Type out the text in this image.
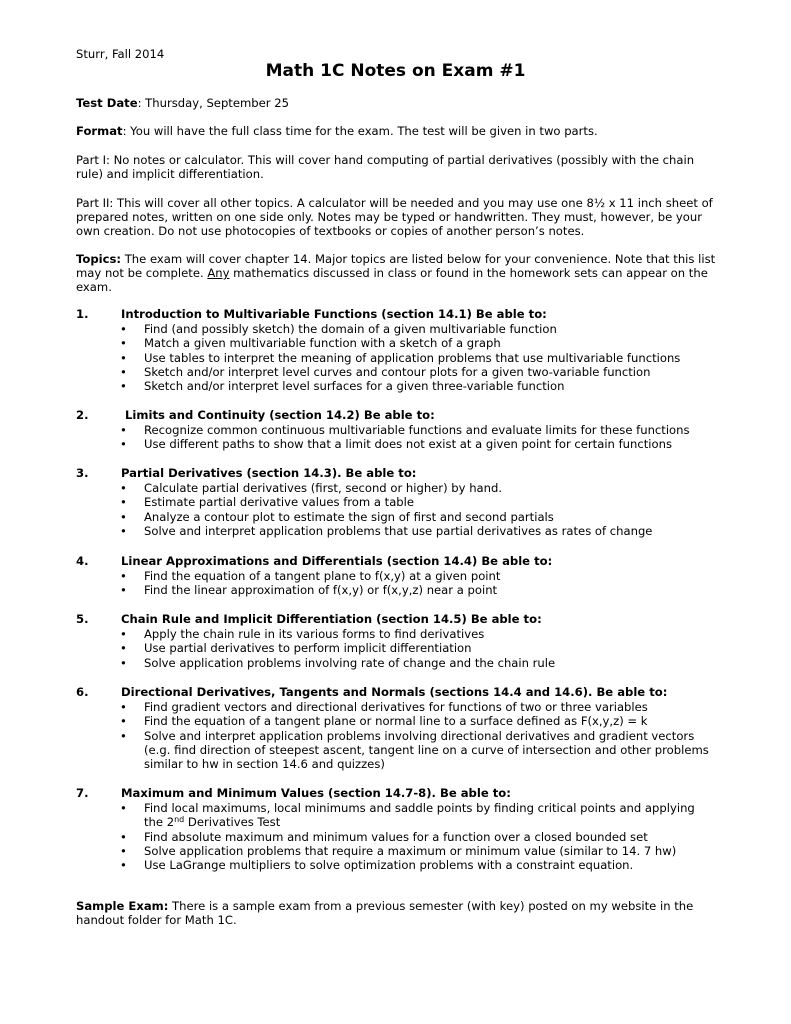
Sturr, Fall 2014
Math 1C Notes on Exam #1
Test Date: Thursday, September 25
Format: You will have the full class time for the exam. The test will be given in two parts.
Part I: No notes or calculator. This will cover hand computing of partial derivatives (possibly with the chain rule) and implicit differentiation.
Part II: This will cover all other topics. A calculator will be needed and you may use one 8½ x 11 inch sheet of prepared notes, written on one side only. Notes may be typed or handwritten. They must, however, be your own creation. Do not use photocopies of textbooks or copies of another person’s notes.
Topics: The exam will cover chapter 14. Major topics are listed below for your convenience. Note that this list may not be complete. Any mathematics discussed in class or found in the homework sets can appear on the exam.
1.	Introduction to Multivariable Functions (section 14.1) Be able to:
• Find (and possibly sketch) the domain of a given multivariable function
• Match a given multivariable function with a sketch of a graph
• Use tables to interpret the meaning of application problems that use multivariable functions
• Sketch and/or interpret level curves and contour plots for a given two-variable function
• Sketch and/or interpret level surfaces for a given three-variable function
2.	Limits and Continuity (section 14.2) Be able to:
• Recognize common continuous multivariable functions and evaluate limits for these functions
• Use different paths to show that a limit does not exist at a given point for certain functions
3.	Partial Derivatives (section 14.3). Be able to:
• Calculate partial derivatives (first, second or higher) by hand.
• Estimate partial derivative values from a table
• Analyze a contour plot to estimate the sign of first and second partials
• Solve and interpret application problems that use partial derivatives as rates of change
4.	Linear Approximations and Differentials (section 14.4) Be able to:
• Find the equation of a tangent plane to f(x,y) at a given point
• Find the linear approximation of f(x,y) or f(x,y,z) near a point
5.	Chain Rule and Implicit Differentiation (section 14.5) Be able to:
• Apply the chain rule in its various forms to find derivatives
• Use partial derivatives to perform implicit differentiation
• Solve application problems involving rate of change and the chain rule
6.	Directional Derivatives, Tangents and Normals (sections 14.4 and 14.6). Be able to:
• Find gradient vectors and directional derivatives for functions of two or three variables
• Find the equation of a tangent plane or normal line to a surface defined as F(x,y,z) = k
• Solve and interpret application problems involving directional derivatives and gradient vectors (e.g. find direction of steepest ascent, tangent line on a curve of intersection and other problems similar to hw in section 14.6 and quizzes)
7.	Maximum and Minimum Values (section 14.7-8). Be able to:
• Find local maximums, local minimums and saddle points by finding critical points and applying the 2nd Derivatives Test
• Find absolute maximum and minimum values for a function over a closed bounded set
• Solve application problems that require a maximum or minimum value (similar to 14. 7 hw)
• Use LaGrange multipliers to solve optimization problems with a constraint equation.
Sample Exam: There is a sample exam from a previous semester (with key) posted on my website in the handout folder for Math 1C.
